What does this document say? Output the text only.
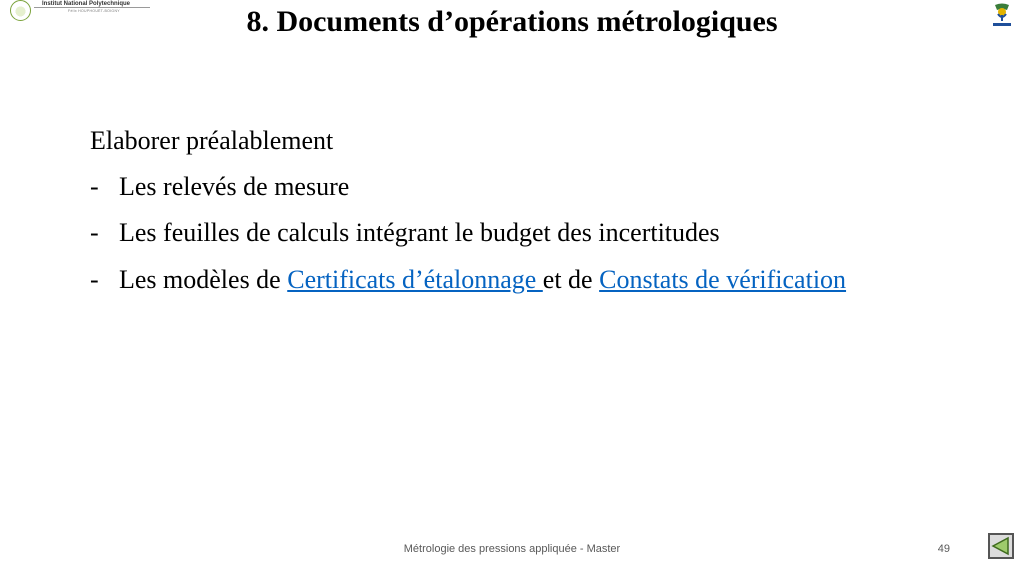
Institut National Polytechnique
Félix HOUPHOUËT-BOIGNY	8. Documents d’opérations métrologiques

Elaborer préalablement

- Les relevés de mesure
- Les feuilles de calculs intégrant le budget des incertitudes
- Les modèles de Certificats d’étalonnage et de Constats de vérification
Métrologie des pressions appliquée - Master	49
